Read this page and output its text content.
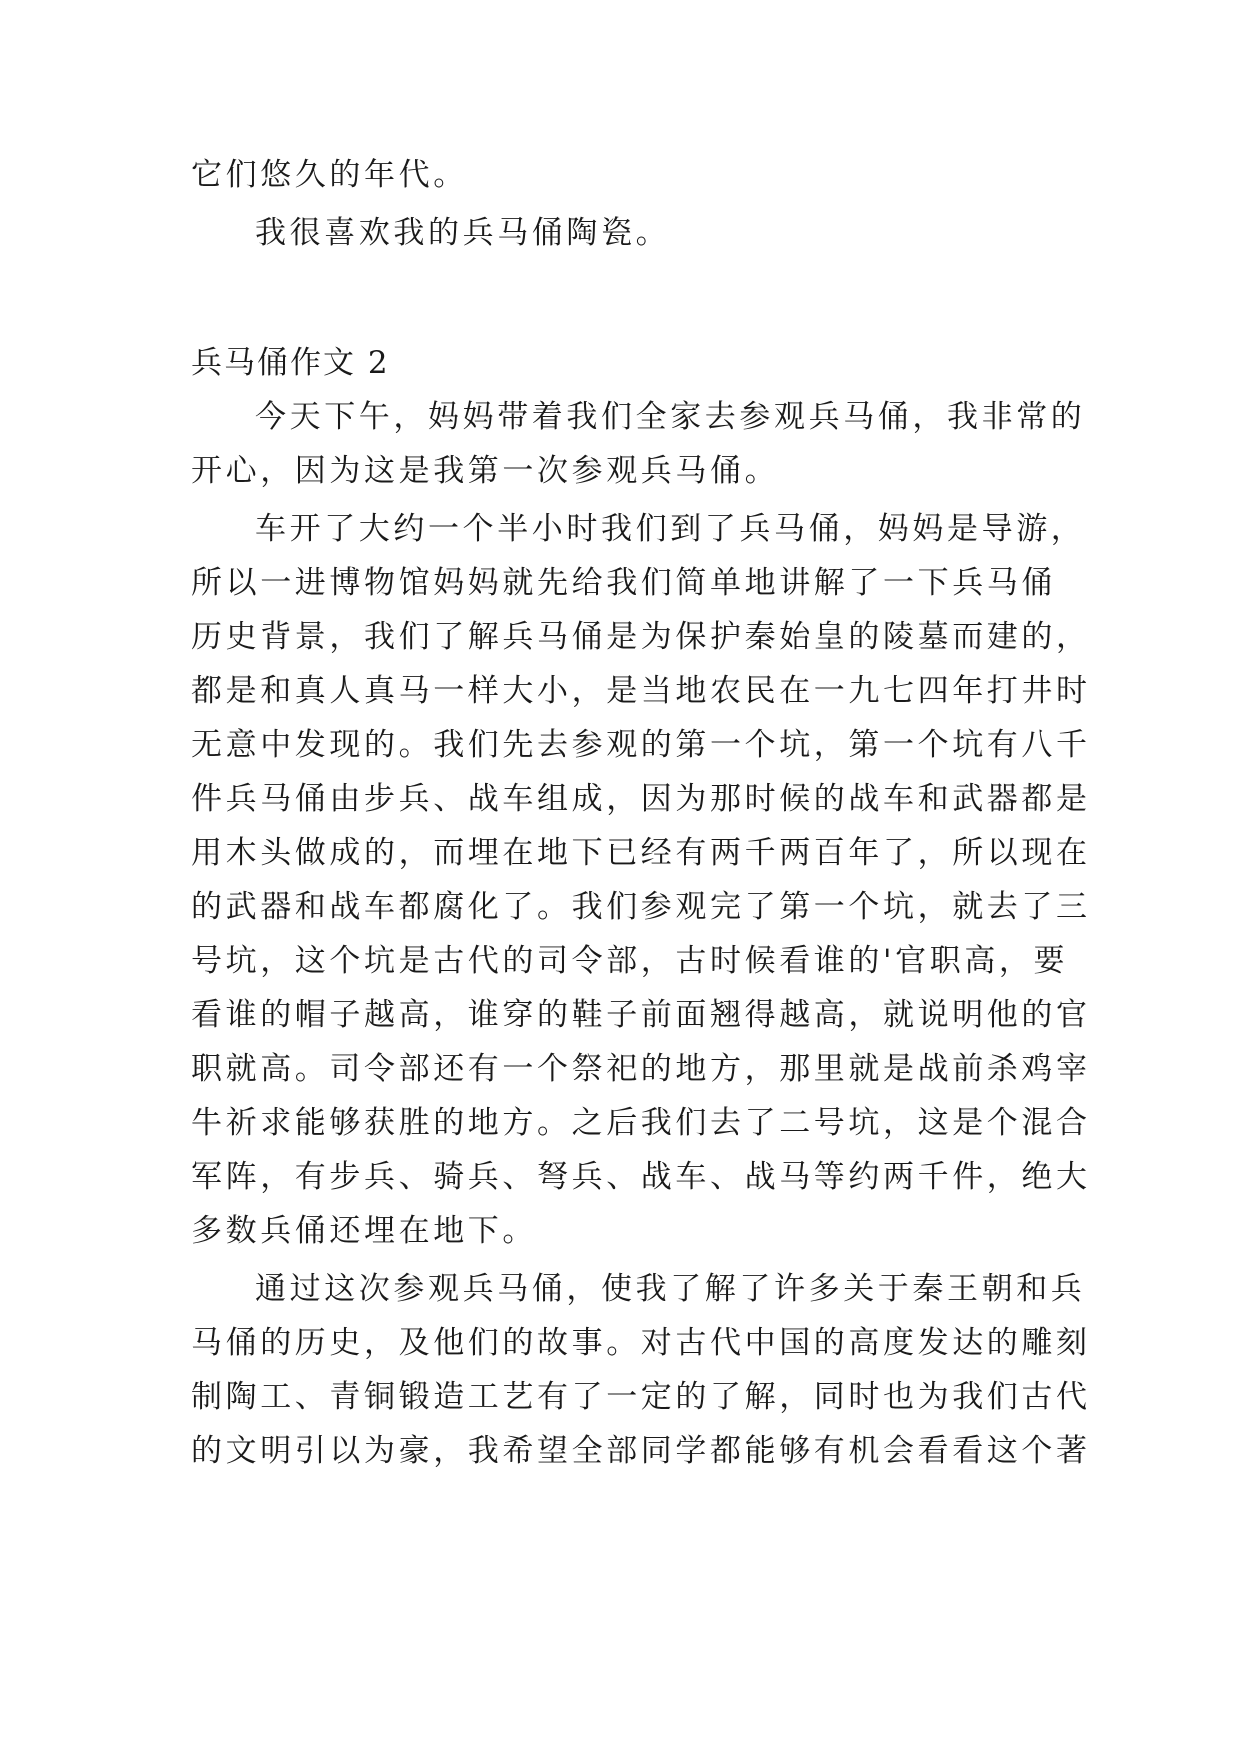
它们悠久的年代。
我很喜欢我的兵马俑陶瓷。
兵马俑作文 2
今天下午，妈妈带着我们全家去参观兵马俑，我非常的
开心，因为这是我第一次参观兵马俑。
车开了大约一个半小时我们到了兵马俑，妈妈是导游，
所以一进博物馆妈妈就先给我们简单地讲解了一下兵马俑
历史背景，我们了解兵马俑是为保护秦始皇的陵墓而建的，
都是和真人真马一样大小，是当地农民在一九七四年打井时
无意中发现的。我们先去参观的第一个坑，第一个坑有八千
件兵马俑由步兵、战车组成，因为那时候的战车和武器都是
用木头做成的，而埋在地下已经有两千两百年了，所以现在
的武器和战车都腐化了。我们参观完了第一个坑，就去了三
号坑，这个坑是古代的司令部，古时候看谁的'官职高，要
看谁的帽子越高，谁穿的鞋子前面翘得越高，就说明他的官
职就高。司令部还有一个祭祀的地方，那里就是战前杀鸡宰
牛祈求能够获胜的地方。之后我们去了二号坑，这是个混合
军阵，有步兵、骑兵、弩兵、战车、战马等约两千件，绝大
多数兵俑还埋在地下。
通过这次参观兵马俑，使我了解了许多关于秦王朝和兵
马俑的历史，及他们的故事。对古代中国的高度发达的雕刻
制陶工、青铜锻造工艺有了一定的了解，同时也为我们古代
的文明引以为豪，我希望全部同学都能够有机会看看这个著
